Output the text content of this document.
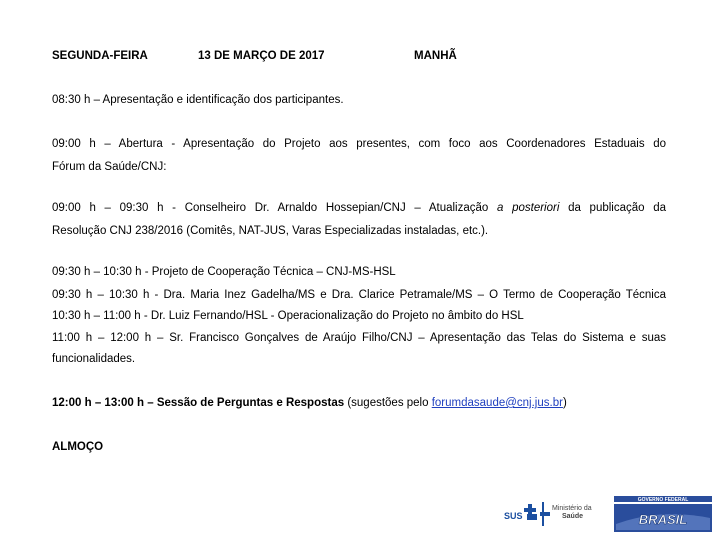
SEGUNDA-FEIRA	13 DE MARÇO DE 2017	MANHÃ
08:30 h – Apresentação e identificação dos participantes.
09:00 h – Abertura - Apresentação do Projeto aos presentes, com foco aos Coordenadores Estaduais do
Fórum da Saúde/CNJ:
09:00 h – 09:30 h - Conselheiro Dr. Arnaldo Hossepian/CNJ – Atualização a posteriori da publicação da
Resolução CNJ 238/2016 (Comitês, NAT-JUS, Varas Especializadas instaladas, etc.).
09:30 h – 10:30 h - Projeto de Cooperação Técnica – CNJ-MS-HSL
09:30 h – 10:30 h - Dra. Maria Inez Gadelha/MS e Dra. Clarice Petramale/MS – O Termo de Cooperação Técnica
10:30 h – 11:00 h - Dr. Luiz Fernando/HSL - Operacionalização do Projeto no âmbito do HSL
11:00 h – 12:00 h – Sr. Francisco Gonçalves de Araújo Filho/CNJ – Apresentação das Telas do Sistema e suas
funcionalidades.
12:00 h – 13:00 h – Sessão de Perguntas e Respostas (sugestões pelo forumdasaude@cnj.jus.br)
ALMOÇO
SUS
Ministério da
Saúde
GOVERNO FEDERAL
BRASIL
